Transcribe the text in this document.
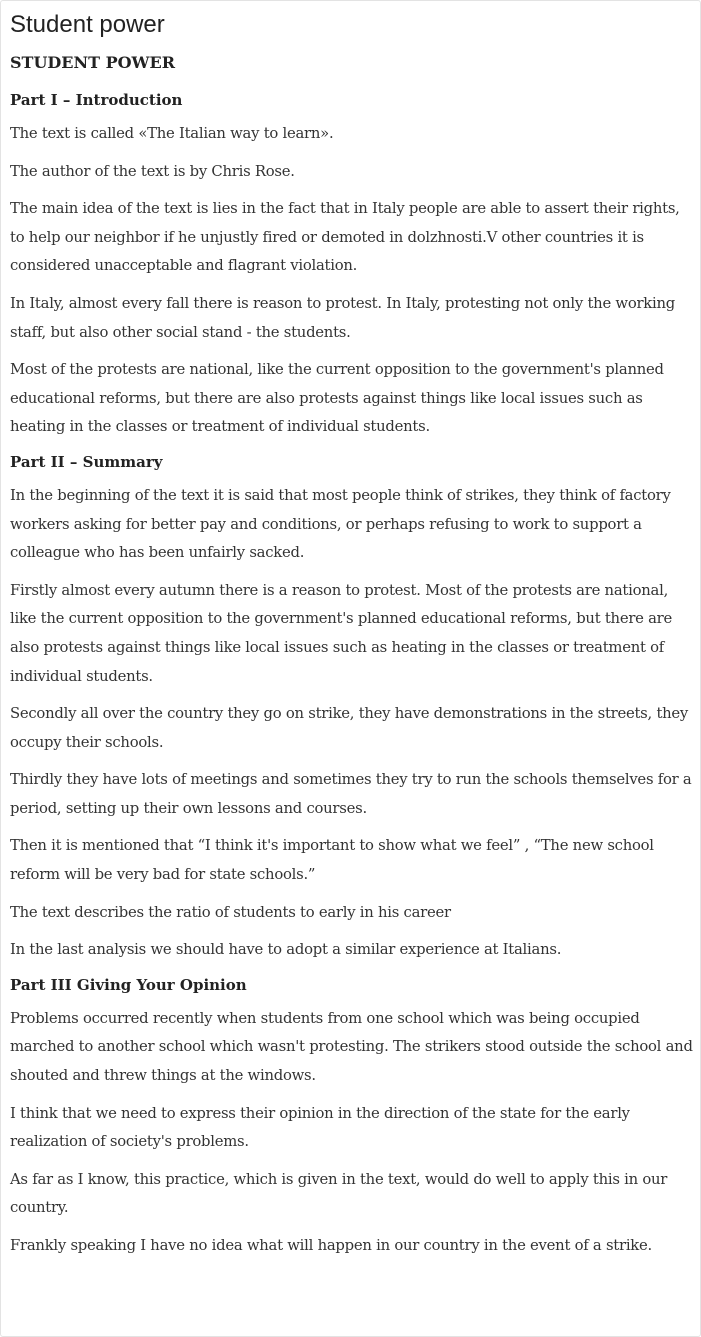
Student power
STUDENT POWER
Part I – Introduction

The text is called «The Italian way to learn».

The author of the text is by Chris Rose.

The main idea of the text is lies in the fact that in Italy people are able to assert their rights, to help our neighbor if he unjustly fired or demoted in dolzhnosti.V other countries it is considered unacceptable and flagrant violation.

In Italy, almost every fall there is reason to protest. In Italy, protesting not only the working staff, but also other social stand - the students.

Most of the protests are national, like the current opposition to the government's planned educational reforms, but there are also protests against things like local issues such as heating in the classes or treatment of individual students.

Part II – Summary

In the beginning of the text it is said that most people think of strikes, they think of factory workers asking for better pay and conditions, or perhaps refusing to work to support a colleague who has been unfairly sacked.

Firstly almost every autumn there is a reason to protest. Most of the protests are national, like the current opposition to the government's planned educational reforms, but there are also protests against things like local issues such as heating in the classes or treatment of individual students.

Secondly all over the country they go on strike, they have demonstrations in the streets, they occupy their schools.

Thirdly they have lots of meetings and sometimes they try to run the schools themselves for a period, setting up their own lessons and courses.

Then it is mentioned that “I think it's important to show what we feel” , “The new school reform will be very bad for state schools.”

The text describes the ratio of students to early in his career

In the last analysis we should have to adopt a similar experience at Italians.

Part III Giving Your Opinion

Problems occurred recently when students from one school which was being occupied marched to another school which wasn't protesting. The strikers stood outside the school and shouted and threw things at the windows.

I think that we need to express their opinion in the direction of the state for the early realization of society's problems.

As far as I know, this practice, which is given in the text, would do well to apply this in our country.

Frankly speaking I have no idea what will happen in our country in the event of a strike.
